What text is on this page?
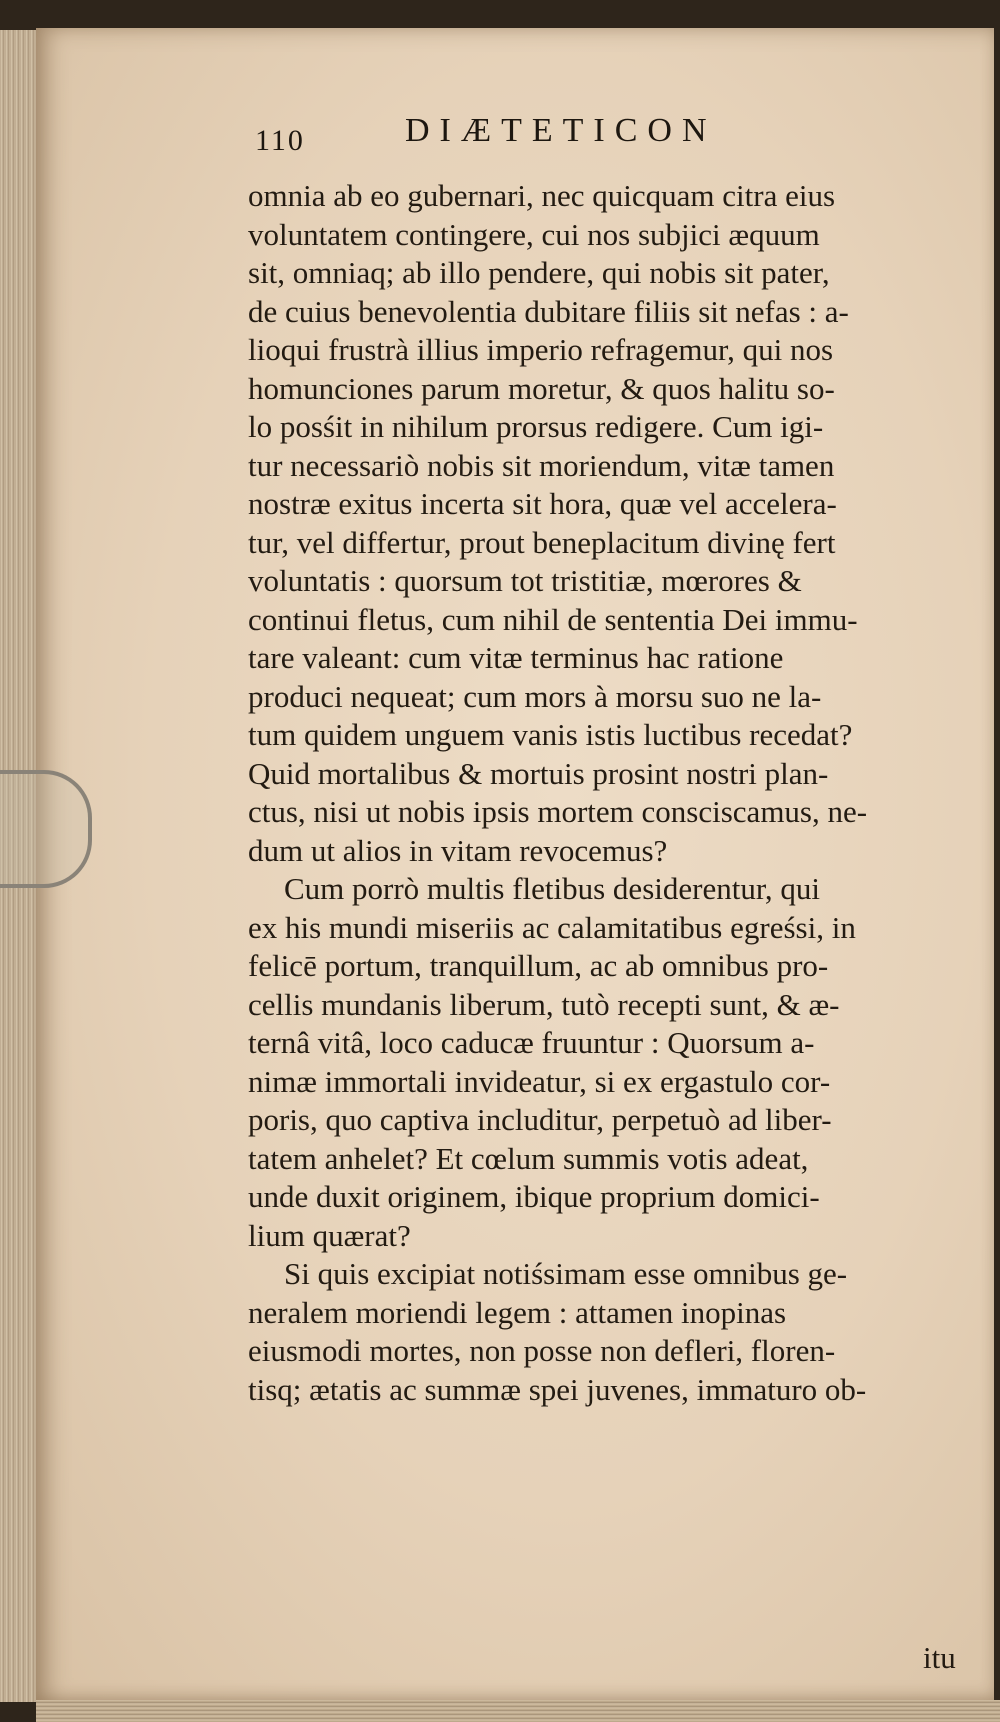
110	DIÆTETICON
omnia ab eo gubernari, nec quicquam citra eius
voluntatem contingere, cui nos subjici æquum
sit, omniaq; ab illo pendere, qui nobis sit pater,
de cuius benevolentia dubitare filiis sit nefas : a-
lioqui frustrà illius imperio refragemur, qui nos
homunciones parum moretur, & quos halitu so-
lo posśit in nihilum prorsus redigere. Cum igi-
tur necessariò nobis sit moriendum, vitæ tamen
nostræ exitus incerta sit hora, quæ vel accelera-
tur, vel differtur, prout beneplacitum divinę fert
voluntatis : quorsum tot tristitiæ, mœrores &
continui fletus, cum nihil de sententia Dei immu-
tare valeant: cum vitæ terminus hac ratione
produci nequeat; cum mors à morsu suo ne la-
tum quidem unguem vanis istis luctibus recedat?
Quid mortalibus & mortuis prosint nostri plan-
ctus, nisi ut nobis ipsis mortem consciscamus, ne-
dum ut alios in vitam revocemus?
Cum porrò multis fletibus desiderentur, qui
ex his mundi miseriis ac calamitatibus egreśsi, in
felicē portum, tranquillum, ac ab omnibus pro-
cellis mundanis liberum, tutò recepti sunt, & æ-
ternâ vitâ, loco caducæ fruuntur : Quorsum a-
nimæ immortali invideatur, si ex ergastulo cor-
poris, quo captiva includitur, perpetuò ad liber-
tatem anhelet? Et cœlum summis votis adeat,
unde duxit originem, ibique proprium domici-
lium quærat?
Si quis excipiat notiśsimam esse omnibus ge-
neralem moriendi legem : attamen inopinas
eiusmodi mortes, non posse non defleri, floren-
tisq; ætatis ac summæ spei juvenes, immaturo ob-
itu
